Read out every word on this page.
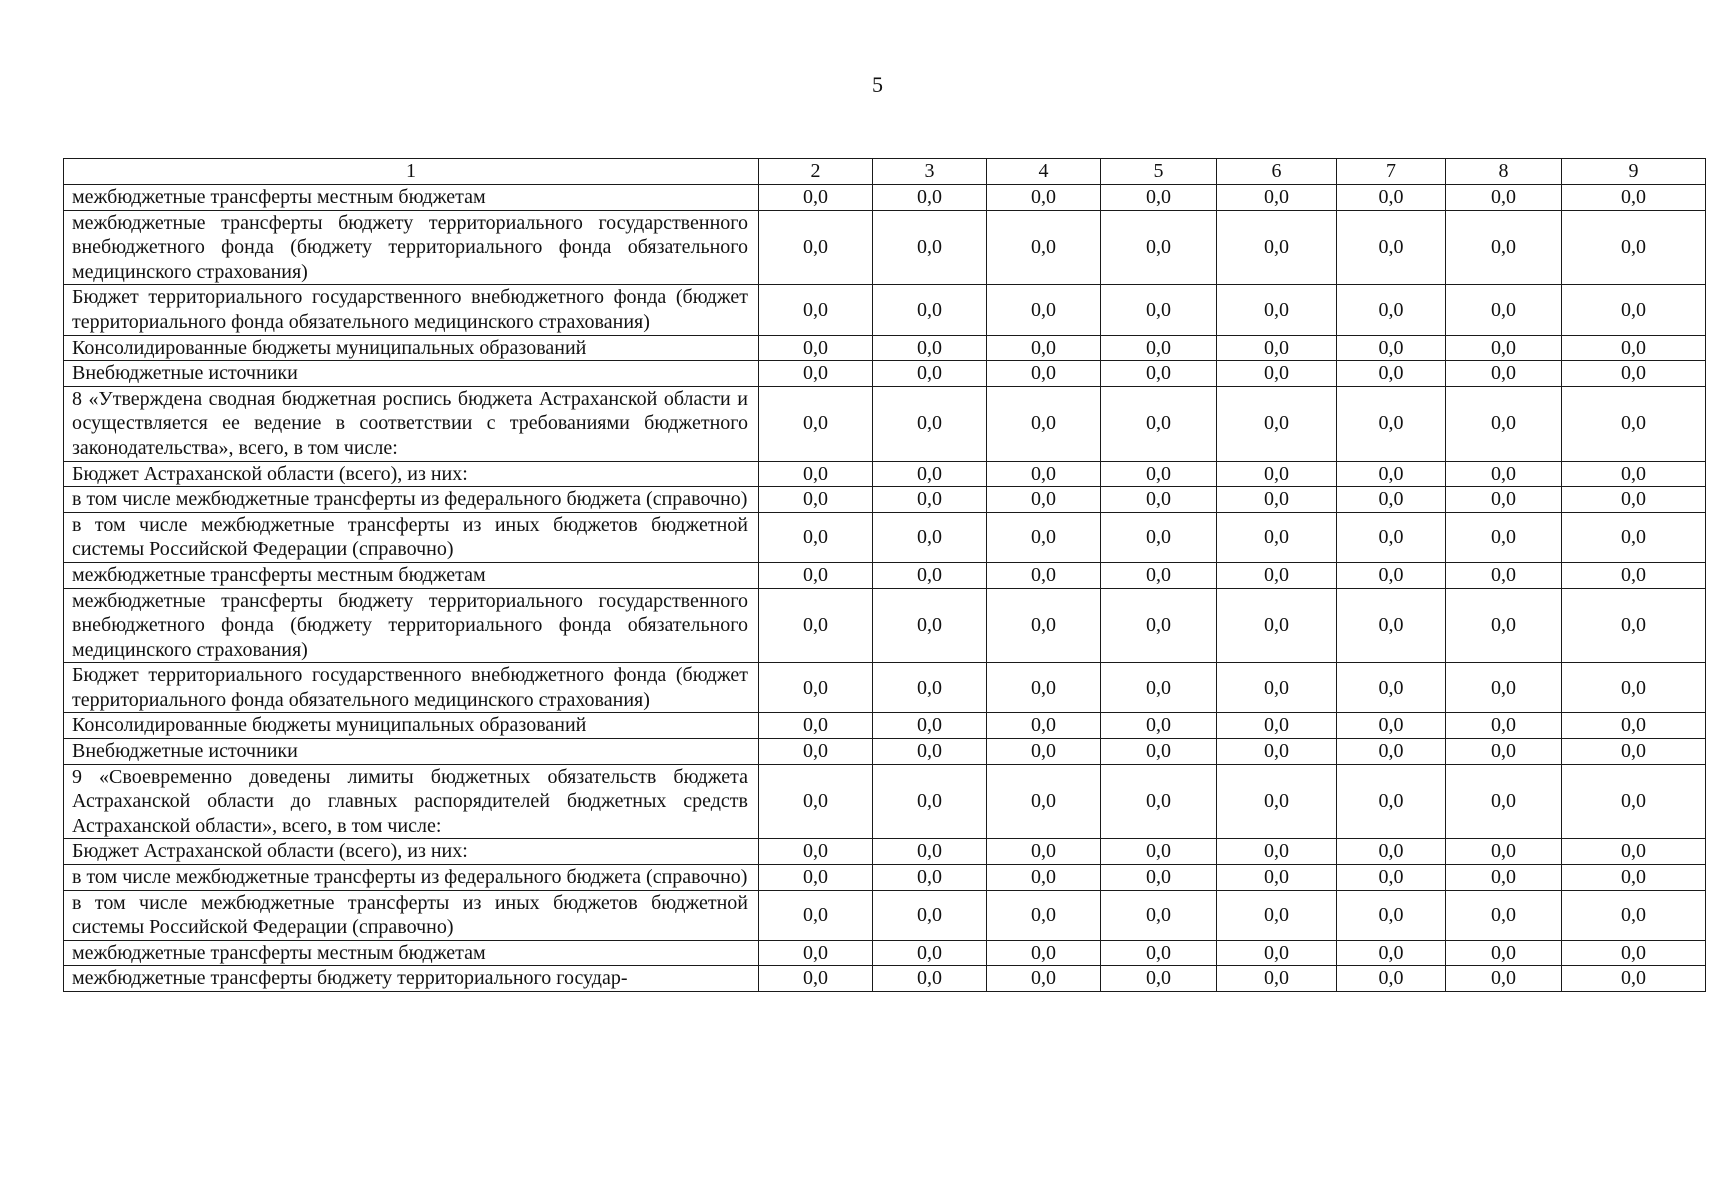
5
1	2	3	4	5	6	7	8	9
межбюджетные трансферты местным бюджетам	0,0	0,0	0,0	0,0	0,0	0,0	0,0	0,0
межбюджетные трансферты бюджету территориального государственного внебюджетного фонда (бюджету территориального фонда обязательного медицинского страхования)	0,0	0,0	0,0	0,0	0,0	0,0	0,0	0,0
Бюджет территориального государственного внебюджетного фонда (бюджет территориального фонда обязательного медицинского страхования)	0,0	0,0	0,0	0,0	0,0	0,0	0,0	0,0
Консолидированные бюджеты муниципальных образований	0,0	0,0	0,0	0,0	0,0	0,0	0,0	0,0
Внебюджетные источники	0,0	0,0	0,0	0,0	0,0	0,0	0,0	0,0
8 «Утверждена сводная бюджетная роспись бюджета Астраханской области и осуществляется ее ведение в соответствии с требованиями бюджетного законодательства», всего, в том числе:	0,0	0,0	0,0	0,0	0,0	0,0	0,0	0,0
Бюджет Астраханской области (всего), из них:	0,0	0,0	0,0	0,0	0,0	0,0	0,0	0,0
в том числе межбюджетные трансферты из федерального бюджета (справочно)	0,0	0,0	0,0	0,0	0,0	0,0	0,0	0,0
в том числе межбюджетные трансферты из иных бюджетов бюджетной системы Российской Федерации (справочно)	0,0	0,0	0,0	0,0	0,0	0,0	0,0	0,0
межбюджетные трансферты местным бюджетам	0,0	0,0	0,0	0,0	0,0	0,0	0,0	0,0
межбюджетные трансферты бюджету территориального государственного внебюджетного фонда (бюджету территориального фонда обязательного медицинского страхования)	0,0	0,0	0,0	0,0	0,0	0,0	0,0	0,0
Бюджет территориального государственного внебюджетного фонда (бюджет территориального фонда обязательного медицинского страхования)	0,0	0,0	0,0	0,0	0,0	0,0	0,0	0,0
Консолидированные бюджеты муниципальных образований	0,0	0,0	0,0	0,0	0,0	0,0	0,0	0,0
Внебюджетные источники	0,0	0,0	0,0	0,0	0,0	0,0	0,0	0,0
9 «Своевременно доведены лимиты бюджетных обязательств бюджета Астраханской области до главных распорядителей бюджетных средств Астраханской области», всего, в том числе:	0,0	0,0	0,0	0,0	0,0	0,0	0,0	0,0
Бюджет Астраханской области (всего), из них:	0,0	0,0	0,0	0,0	0,0	0,0	0,0	0,0
в том числе межбюджетные трансферты из федерального бюджета (справочно)	0,0	0,0	0,0	0,0	0,0	0,0	0,0	0,0
в том числе межбюджетные трансферты из иных бюджетов бюджетной системы Российской Федерации (справочно)	0,0	0,0	0,0	0,0	0,0	0,0	0,0	0,0
межбюджетные трансферты местным бюджетам	0,0	0,0	0,0	0,0	0,0	0,0	0,0	0,0
межбюджетные трансферты бюджету территориального государ-	0,0	0,0	0,0	0,0	0,0	0,0	0,0	0,0
